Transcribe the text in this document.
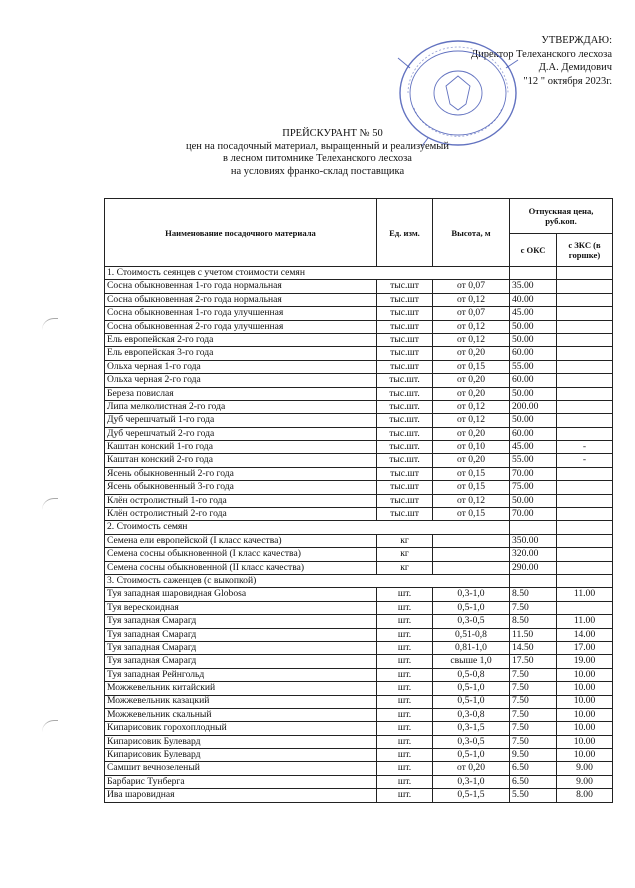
УТВЕРЖДАЮ:
Директор Телеханского лесхоза
Д.А. Демидович
"12 " октября 2023г.
ПРЕЙСКУРАНТ № 50
цен на посадочный материал, выращенный и реализуемый
в лесном питомнике Телеханского лесхоза
на условиях франко-склад поставщика
Наименование посадочного материала	Ед. изм.	Высота, м	Отпускная цена, руб.коп.	
			с ОКС	с ЗКС (в горшке)
1. Стоимость сеянцев с учетом стоимости семян				
Сосна обыкновенная 1-го года нормальная	тыс.шт	от 0,07	35.00	
Сосна обыкновенная 2-го года нормальная	тыс.шт	от 0,12	40.00	
Сосна обыкновенная 1-го года улучшенная	тыс.шт	от 0,07	45.00	
Сосна обыкновенная 2-го года улучшенная	тыс.шт	от 0,12	50.00	
Ель европейская 2-го года	тыс.шт	от 0,12	50.00	
Ель европейская 3-го года	тыс.шт	от 0,20	60.00	
Ольха черная 1-го года	тыс.шт	от 0,15	55.00	
Ольха черная 2-го года	тыс.шт.	от 0,20	60.00	
Береза повислая	тыс.шт.	от 0,20	50.00	
Липа мелколистная 2-го года	тыс.шт.	от 0,12	200.00	
Дуб черешчатый 1-го года	тыс.шт.	от 0,12	50.00	
Дуб черешчатый 2-го года	тыс.шт.	от 0,20	60.00	
Каштан конский 1-го года	тыс.шт.	от 0,10	45.00	-
Каштан конский 2-го года	тыс.шт.	от 0,20	55.00	-
Ясень обыкновенный 2-го года	тыс.шт	от 0,15	70.00	
Ясень обыкновенный 3-го года	тыс.шт	от 0,15	75.00	
Клён остролистный 1-го года	тыс.шт	от 0,12	50.00	
Клён остролистный 2-го года	тыс.шт	от 0,15	70.00	
2. Стоимость семян				
Семена ели европейской (I класс качества)	кг		350.00	
Семена сосны обыкновенной (I класс качества)	кг		320.00	
Семена сосны обыкновенной (II класс качества)	кг		290.00	
3. Стоимость саженцев (с выкопкой)				
Туя западная шаровидная Globosa	шт.	0,3-1,0	8.50	11.00
Туя верескоидная	шт.	0,5-1,0	7.50	
Туя западная Смарагд	шт.	0,3-0,5	8.50	11.00
Туя западная Смарагд	шт.	0,51-0,8	11.50	14.00
Туя западная Смарагд	шт.	0,81-1,0	14.50	17.00
Туя западная Смарагд	шт.	свыше 1,0	17.50	19.00
Туя западная Рейнгольд	шт.	0,5-0,8	7.50	10.00
Можжевельник китайский	шт.	0,5-1,0	7.50	10.00
Можжевельник казацкий	шт.	0,5-1,0	7.50	10.00
Можжевельник скальный	шт.	0,3-0,8	7.50	10.00
Кипарисовик горохоплодный	шт.	0,3-1,5	7.50	10.00
Кипарисовик Булевард	шт.	0,3-0,5	7.50	10.00
Кипарисовик Булевард	шт.	0,5-1,0	9.50	10.00
Самшит вечнозеленый	шт.	от 0,20	6.50	9.00
Барбарис Тунберга	шт.	0,3-1,0	6.50	9.00
Ива шаровидная	шт.	0,5-1,5	5.50	8.00
